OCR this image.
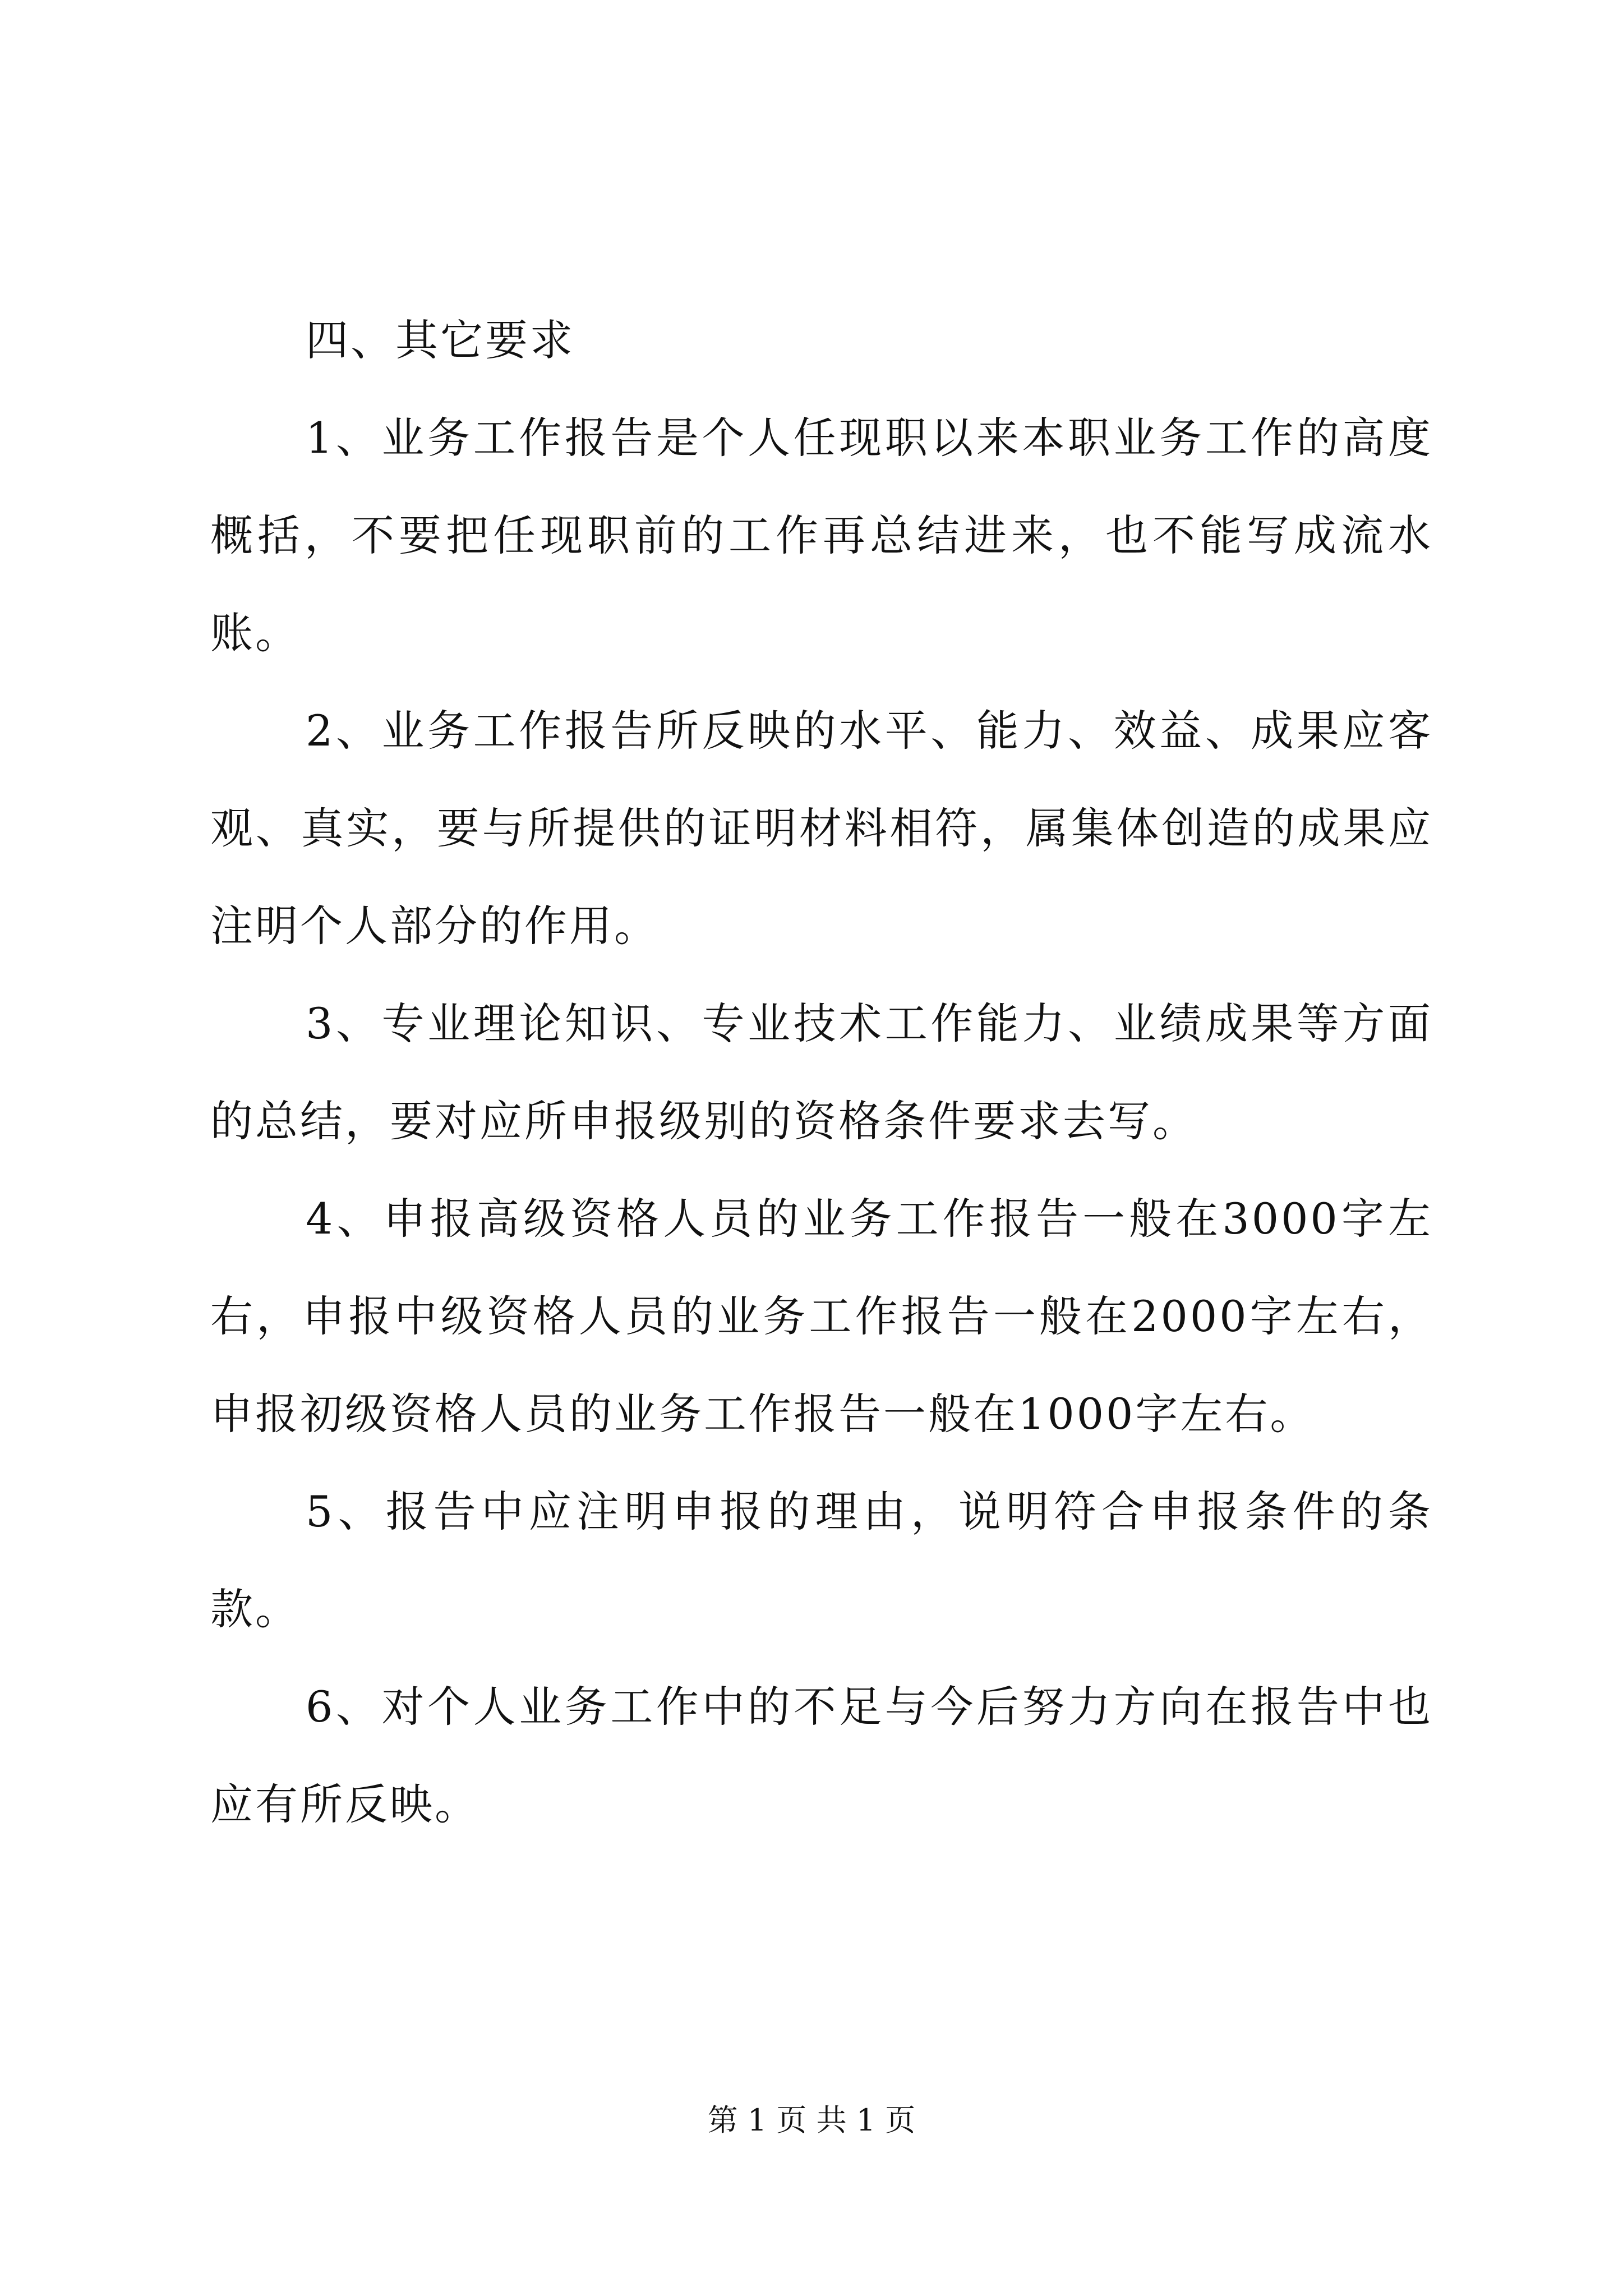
四、其它要求

1、业务工作报告是个人任现职以来本职业务工作的高度概括，不要把任现职前的工作再总结进来，也不能写成流水账。

2、业务工作报告所反映的水平、能力、效益、成果应客观、真实，要与所提供的证明材料相符，属集体创造的成果应注明个人部分的作用。

3、专业理论知识、专业技术工作能力、业绩成果等方面的总结，要对应所申报级别的资格条件要求去写。

4、申报高级资格人员的业务工作报告一般在3000字左右，申报中级资格人员的业务工作报告一般在2000字左右，申报初级资格人员的业务工作报告一般在1000字左右。

5、报告中应注明申报的理由，说明符合申报条件的条款。

6、对个人业务工作中的不足与今后努力方向在报告中也应有所反映。

第 1 页 共 1 页
